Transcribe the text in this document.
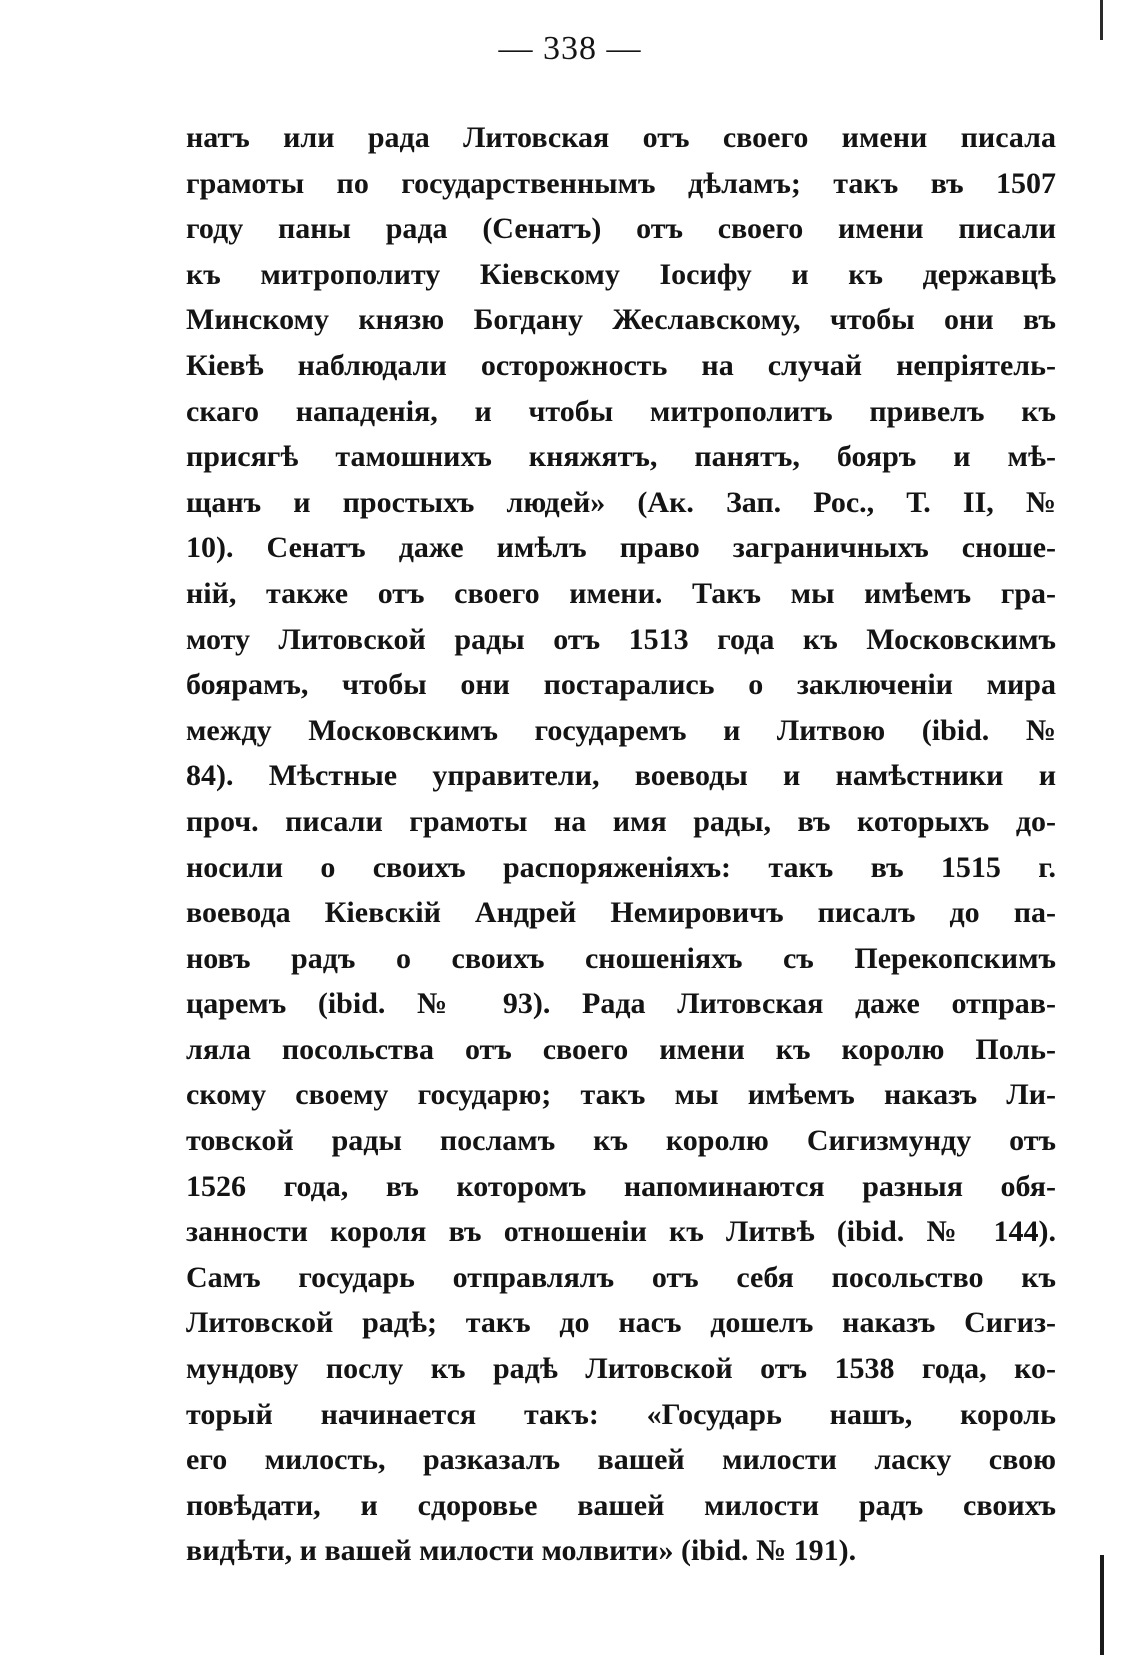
— 338 —
натъ или рада Литовская отъ своего имени писала
грамоты по государственнымъ дѣламъ; такъ въ 1507
году паны рада (Сенатъ) отъ своего имени писали
къ митрополиту Кіевскому Іосифу и къ державцѣ
Минскому князю Богдану Жеславскому, чтобы они въ
Кіевѣ наблюдали осторожность на случай непріятель-
скаго нападенія, и чтобы митрополитъ привелъ къ
присягѣ тамошнихъ княжятъ, панятъ, бояръ и мѣ-
щанъ и простыхъ людей» (Ак. Зап. Рос., Т. II, №
10). Сенатъ даже имѣлъ право заграничныхъ сноше-
ній, также отъ своего имени. Такъ мы имѣемъ гра-
моту Литовской рады отъ 1513 года къ Московскимъ
боярамъ, чтобы они постарались о заключеніи мира
между Московскимъ государемъ и Литвою (ibid. №
84). Мѣстные управители, воеводы и намѣстники и
проч. писали грамоты на имя рады, въ которыхъ до-
носили о своихъ распоряженіяхъ: такъ въ 1515 г.
воевода Кіевскій Андрей Немировичъ писалъ до па-
новъ радъ о своихъ сношеніяхъ съ Перекопскимъ
царемъ (ibid. № 93). Рада Литовская даже отправ-
ляла посольства отъ своего имени къ королю Поль-
скому своему государю; такъ мы имѣемъ наказъ Ли-
товской рады посламъ къ королю Сигизмунду отъ
1526 года, въ которомъ напоминаются разныя обя-
занности короля въ отношеніи къ Литвѣ (ibid. № 144).
Самъ государь отправлялъ отъ себя посольство къ
Литовской радѣ; такъ до насъ дошелъ наказъ Сигиз-
мундову послу къ радѣ Литовской отъ 1538 года, ко-
торый начинается такъ: «Государь нашъ, король
его милость, разказалъ вашей милости ласку свою
повѣдати, и сдоровье вашей милости радъ своихъ
видѣти, и вашей милости молвити» (ibid. № 191).
